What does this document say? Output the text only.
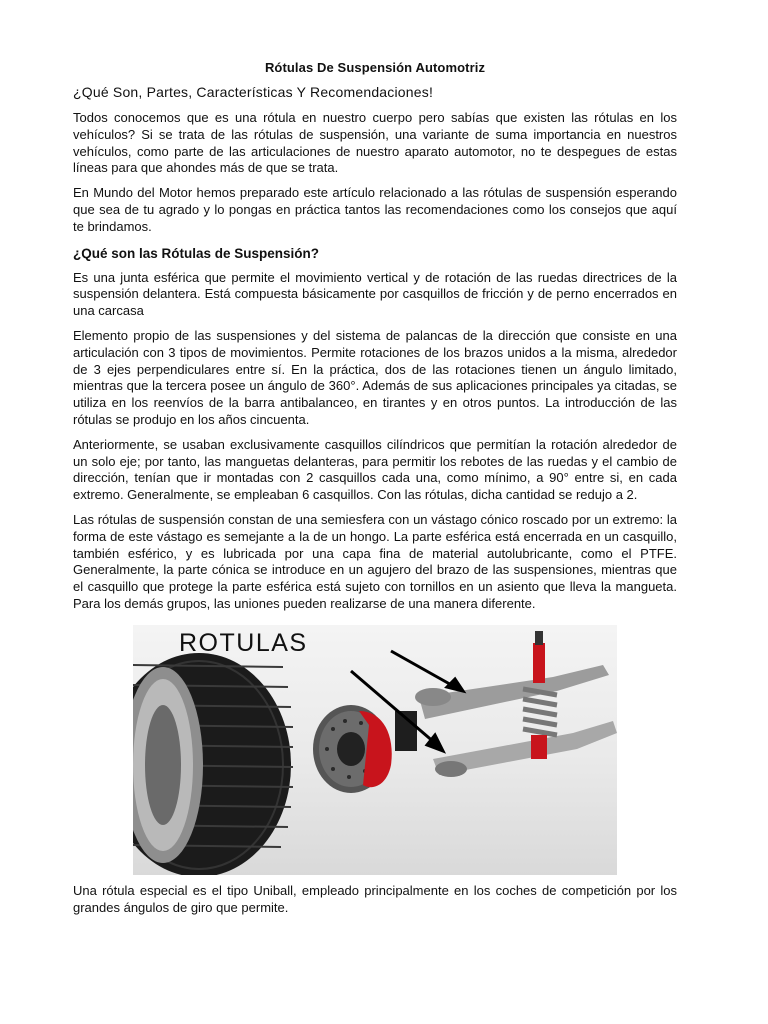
Rótulas De Suspensión Automotriz
¿Qué Son, Partes, Características Y Recomendaciones!

Todos conocemos que es una rótula en nuestro cuerpo pero sabías que existen las rótulas en los vehículos? Si se trata de las rótulas de suspensión, una variante de suma importancia en nuestros vehículos, como parte de las articulaciones de nuestro aparato automotor, no te despegues de estas líneas para que ahondes más de que se trata.

En Mundo del Motor hemos preparado este artículo relacionado a las rótulas de suspensión esperando que sea de tu agrado y lo pongas en práctica tantos las recomendaciones como los consejos que aquí te brindamos.

¿Qué son las Rótulas de Suspensión?

Es una junta esférica que permite el movimiento vertical y de rotación de las ruedas directrices de la suspensión delantera. Está compuesta básicamente por casquillos de fricción y de perno encerrados en una carcasa

Elemento propio de las suspensiones y del sistema de palancas de la dirección que consiste en una articulación con 3 tipos de movimientos. Permite rotaciones de los brazos unidos a la misma, alrededor de 3 ejes perpendiculares entre sí. En la práctica, dos de las rotaciones tienen un ángulo limitado, mientras que la tercera posee un ángulo de 360°. Además de sus aplicaciones principales ya citadas, se utiliza en los reenvíos de la barra antibalanceo, en tirantes y en otros puntos. La introducción de las rótulas se produjo en los años cincuenta.

Anteriormente, se usaban exclusivamente casquillos cilíndricos que permitían la rotación alrededor de un solo eje; por tanto, las manguetas delanteras, para permitir los rebotes de las ruedas y el cambio de dirección, tenían que ir montadas con 2 casquillos cada una, como mínimo, a 90° entre si, en cada extremo. Generalmente, se empleaban 6 casquillos. Con las rótulas, dicha cantidad se redujo a 2.

Las rótulas de suspensión constan de una semiesfera con un vástago cónico roscado por un extremo: la forma de este vástago es semejante a la de un hongo. La parte esférica está encerrada en un casquillo, también esférico, y es lubricada por una capa fina de material autolubricante, como el PTFE. Generalmente, la parte cónica se introduce en un agujero del brazo de las suspensiones, mientras que el casquillo que protege la parte esférica está sujeto con tornillos en un asiento que lleva la mangueta. Para los demás grupos, las uniones pueden realizarse de una manera diferente.

ROTULAS

Una rótula especial es el tipo Uniball, empleado principalmente en los coches de competición por los grandes ángulos de giro que permite.
